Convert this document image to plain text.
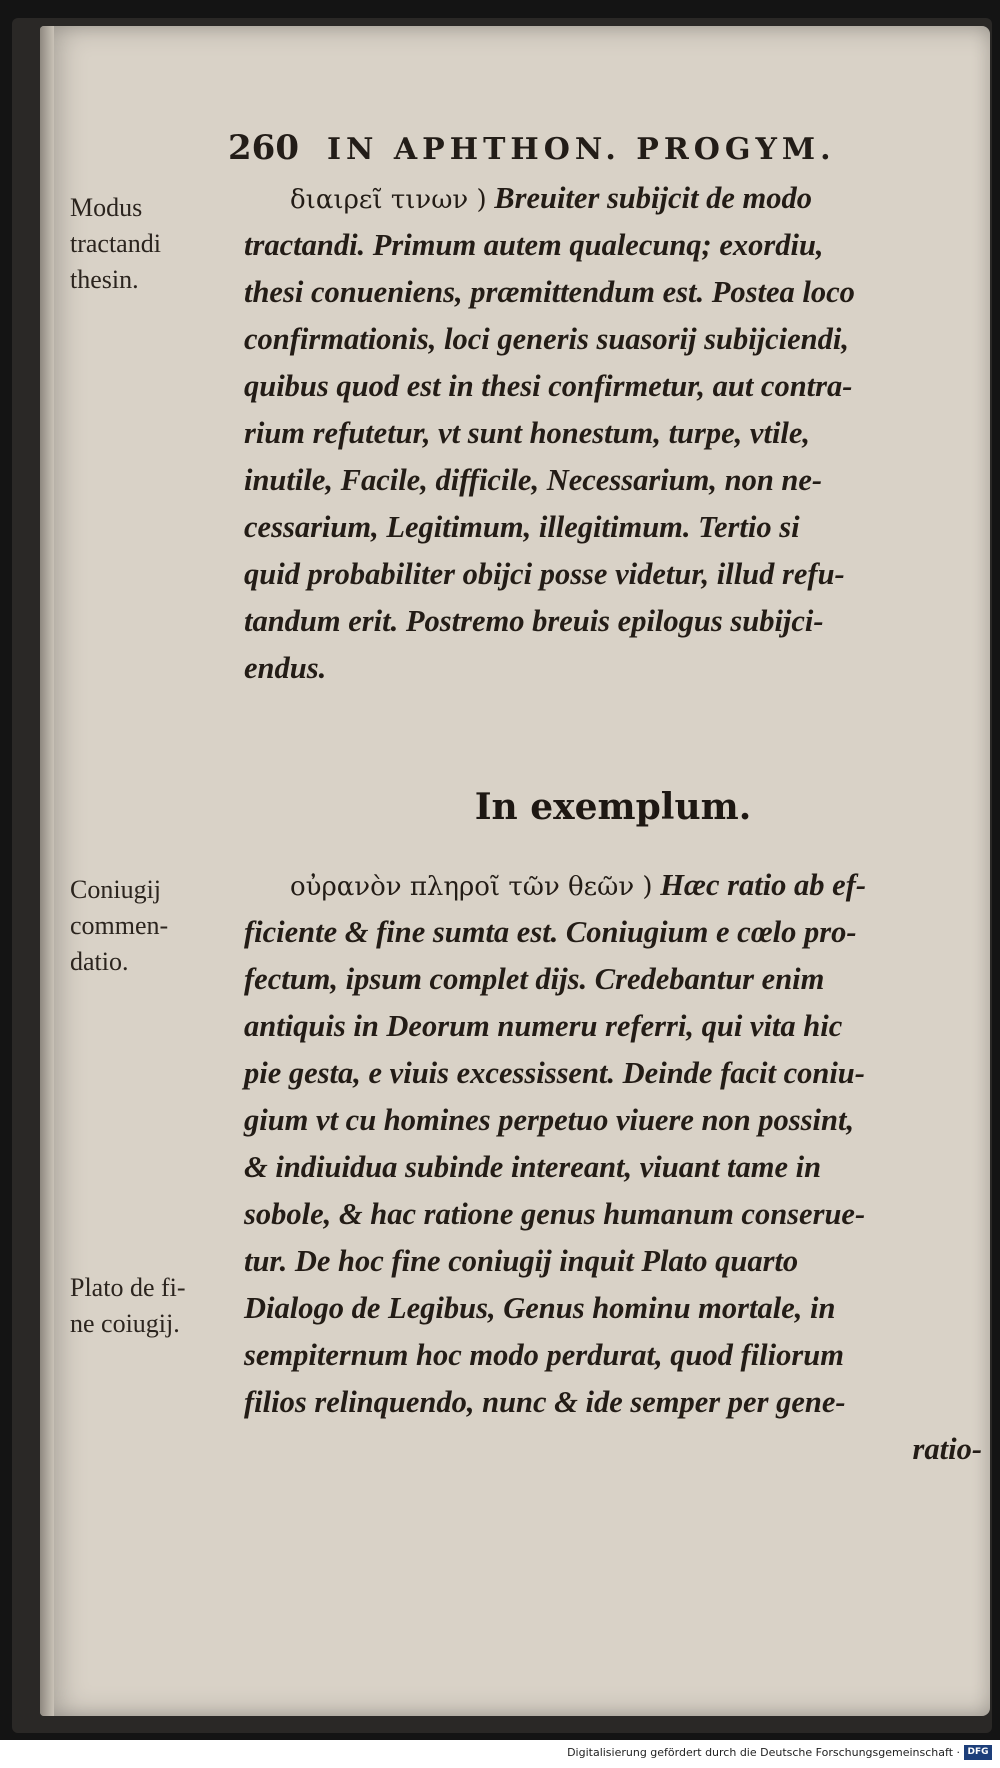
260 IN APHTHON. PROGYM.
Modus
tractandi
thesin.
διαιρεῖ τινων ) Breuiter subijcit de modo
tractandi. Primum autem qualecunq; exordiu,
thesi conueniens, præmittendum est. Postea loco
confirmationis, loci generis suasorij subijciendi,
quibus quod est in thesi confirmetur, aut contra-
rium refutetur, vt sunt honestum, turpe, vtile,
inutile, Facile, difficile, Necessarium, non ne-
cessarium, Legitimum, illegitimum. Tertio si
quid probabiliter obijci posse videtur, illud refu-
tandum erit. Postremo breuis epilogus subijci-
endus.
In exemplum.
Coniugij
commen-
datio.
Plato de fi-
ne coiugij.
οὐρανὸν πληροῖ τῶν θεῶν ) Hæc ratio ab ef-
ficiente & fine sumta est. Coniugium e cœlo pro-
fectum, ipsum complet dijs. Credebantur enim
antiquis in Deorum numeru referri, qui vita hic
pie gesta, e viuis excessissent. Deinde facit coniu-
gium vt cu homines perpetuo viuere non possint,
& indiuidua subinde intereant, viuant tame in
sobole, & hac ratione genus humanum conserue-
tur. De hoc fine coniugij inquit Plato quarto
Dialogo de Legibus, Genus hominu mortale, in
sempiternum hoc modo perdurat, quod filiorum
filios relinquendo, nunc & ide semper per gene-
ratio-
Digitalisierung gefördert durch die Deutsche Forschungsgemeinschaft · DFG
